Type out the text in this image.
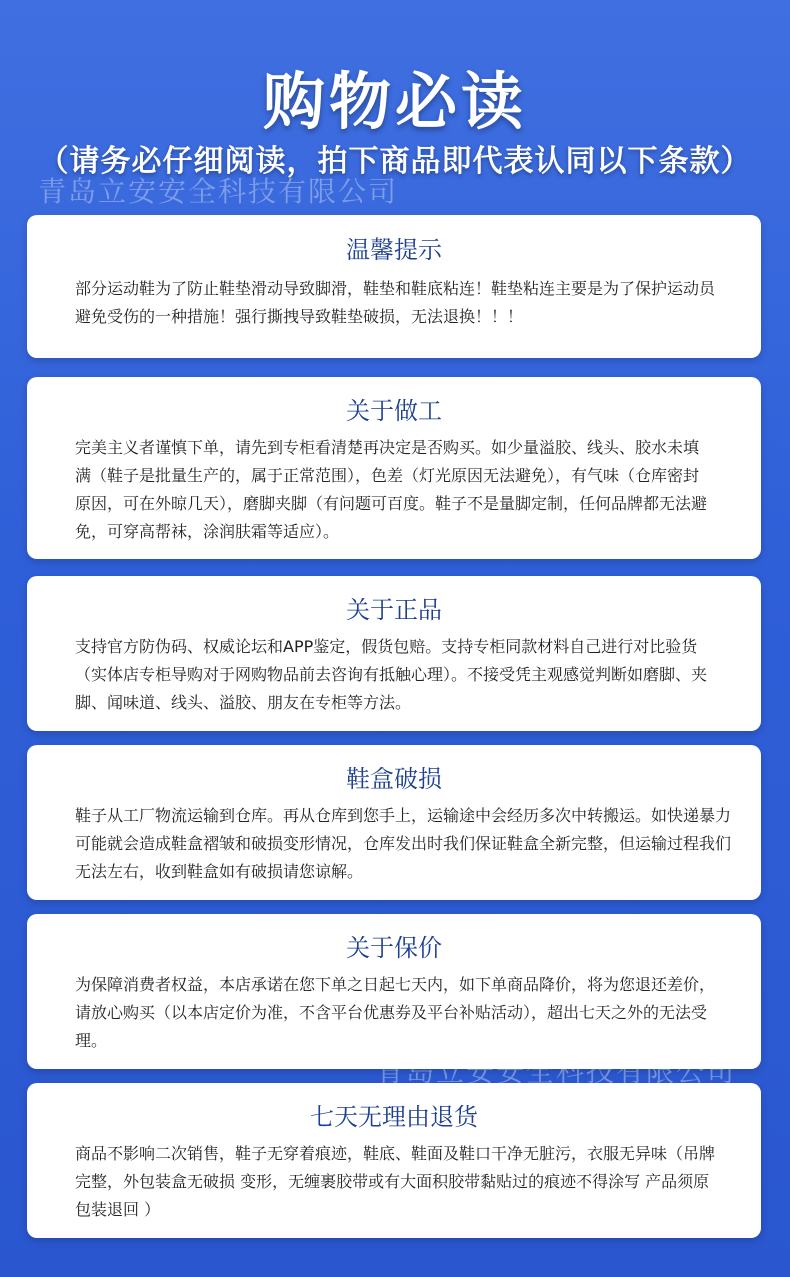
购物必读
（请务必仔细阅读，拍下商品即代表认同以下条款）
青岛立安安全科技有限公司
青岛立安安全科技有限公司
温馨提示

部分运动鞋为了防止鞋垫滑动导致脚滑，鞋垫和鞋底粘连！鞋垫粘连主要是为了保护运动员避免受伤的一种措施！强行撕拽导致鞋垫破损，无法退换！！！

关于做工

完美主义者谨慎下单，请先到专柜看清楚再决定是否购买。如少量溢胶、线头、胶水未填满（鞋子是批量生产的，属于正常范围），色差（灯光原因无法避免），有气味（仓库密封原因，可在外晾几天），磨脚夹脚（有问题可百度。鞋子不是量脚定制，任何品牌都无法避免，可穿高帮袜，涂润肤霜等适应）。

关于正品

支持官方防伪码、权威论坛和APP鉴定，假货包赔。支持专柜同款材料自己进行对比验货（实体店专柜导购对于网购物品前去咨询有抵触心理）。不接受凭主观感觉判断如磨脚、夹脚、闻味道、线头、溢胶、朋友在专柜等方法。

鞋盒破损

鞋子从工厂物流运输到仓库。再从仓库到您手上，运输途中会经历多次中转搬运。如快递暴力可能就会造成鞋盒褶皱和破损变形情况，仓库发出时我们保证鞋盒全新完整，但运输过程我们无法左右，收到鞋盒如有破损请您谅解。

关于保价

为保障消费者权益，本店承诺在您下单之日起七天内，如下单商品降价，将为您退还差价，请放心购买（以本店定价为准，不含平台优惠券及平台补贴活动），超出七天之外的无法受理。

七天无理由退货

商品不影响二次销售，鞋子无穿着痕迹，鞋底、鞋面及鞋口干净无脏污，衣服无异味（吊牌完整，外包装盒无破损 变形，无缠裹胶带或有大面积胶带黏贴过的痕迹不得涂写 产品须原包装退回 ）
